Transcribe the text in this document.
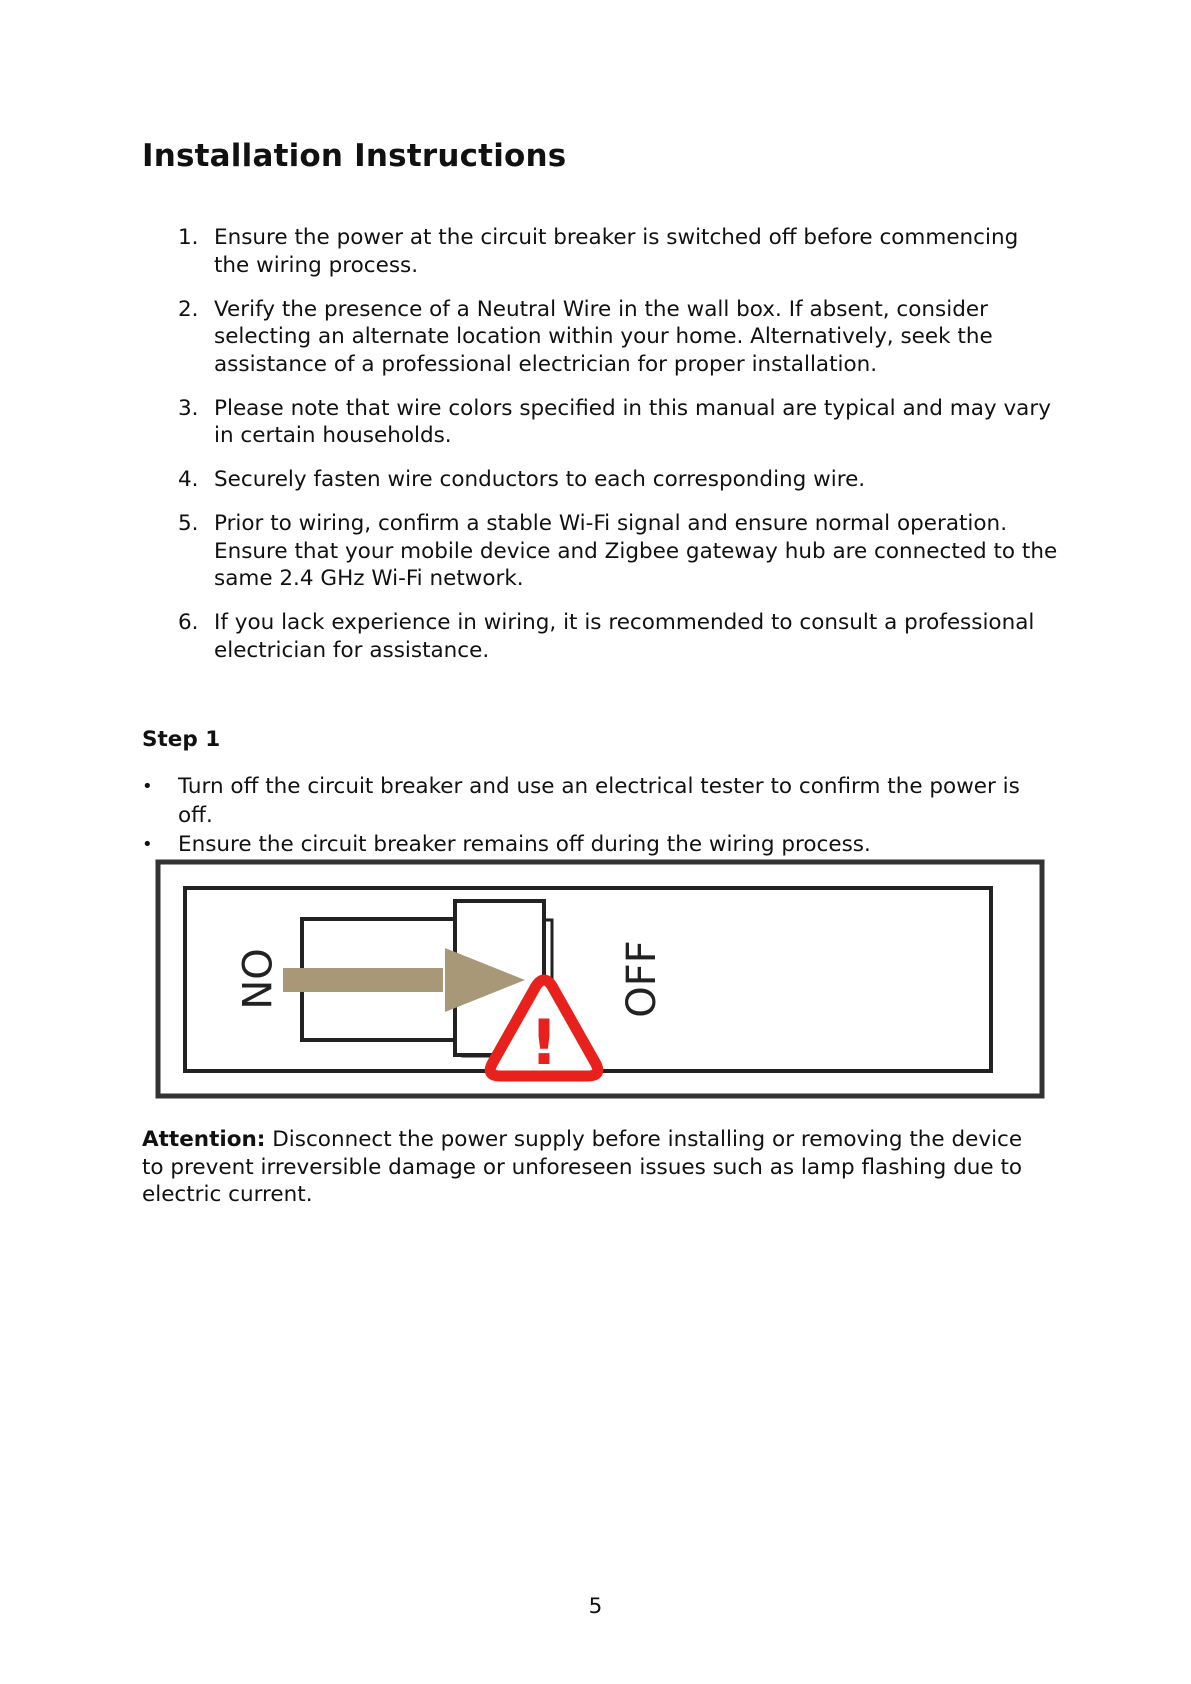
Installation Instructions
1. Ensure the power at the circuit breaker is switched off before commencing the wiring process.
2. Verify the presence of a Neutral Wire in the wall box. If absent, consider selecting an alternate location within your home. Alternatively, seek the assistance of a professional electrician for proper installation.
3. Please note that wire colors specified in this manual are typical and may vary in certain households.
4. Securely fasten wire conductors to each corresponding wire.
5. Prior to wiring, confirm a stable Wi-Fi signal and ensure normal operation. Ensure that your mobile device and Zigbee gateway hub are connected to the same 2.4 GHz Wi-Fi network.
6. If you lack experience in wiring, it is recommended to consult a professional electrician for assistance.
Step 1
• Turn off the circuit breaker and use an electrical tester to confirm the power is off.
• Ensure the circuit breaker remains off during the wiring process.
ON	OFF
!

Attention: Disconnect the power supply before installing or removing the device to prevent irreversible damage or unforeseen issues such as lamp flashing due to electric current.

5
